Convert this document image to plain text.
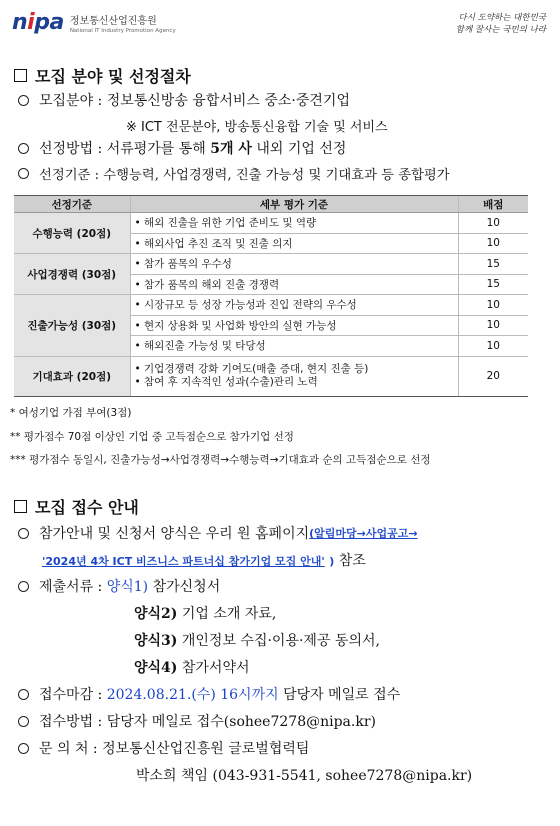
nipa 정보통신산업진흥원
National IT Industry Promotion Agency
다시 도약하는 대한민국
함께 잘사는 국민의 나라
모집 분야 및 선정절차
모집분야 : 정보통신방송 융합서비스 중소·중견기업
※ ICT 전문분야, 방송통신융합 기술 및 서비스
선정방법 : 서류평가를 통해 5개 사 내외 기업 선정
선정기준 : 수행능력, 사업경쟁력, 진출 가능성 및 기대효과 등 종합평가
선정기준	세부 평가 기준	배점
수행능력 (20점)	• 해외 진출을 위한 기업 준비도 및 역량	10
	• 해외사업 추진 조직 및 진출 의지	10
사업경쟁력 (30점)	• 참가 품목의 우수성	15
	• 참가 품목의 해외 진출 경쟁력	15
진출가능성 (30점)	• 시장규모 등 성장 가능성과 진입 전략의 우수성	10
	• 현지 상용화 및 사업화 방안의 실현 가능성	10
	• 해외진출 가능성 및 타당성	10
기대효과 (20점)	• 기업경쟁력 강화 기여도(매출 증대, 현지 진출 등)
• 참여 후 지속적인 성과(수출)관리 노력	20
* 여성기업 가점 부여(3점)
** 평가점수 70점 이상인 기업 중 고득점순으로 참가기업 선정
*** 평가점수 동일시, 진출가능성→사업경쟁력→수행능력→기대효과 순의 고득점순으로 선정
모집 접수 안내
참가안내 및 신청서 양식은 우리 원 홈페이지 (알림마당→사업공고→
'2024년 4차 ICT 비즈니스 파트너십 참가기업 모집 안내' ) 참조
제출서류 : 양식1)
참가신청서
양식2)
기업 소개 자료,
양식3)
개인정보 수집·이용·제공 동의서,
양식4)
참가서약서
접수마감 : 2024.08.21.(수) 16시까지 담당자 메일로 접수
접수방법 : 담당자 메일로 접수(sohee7278@nipa.kr)
문 의 처 : 정보통신산업진흥원 글로벌협력팀
박소희 책임 (043-931-5541, sohee7278@nipa.kr)
